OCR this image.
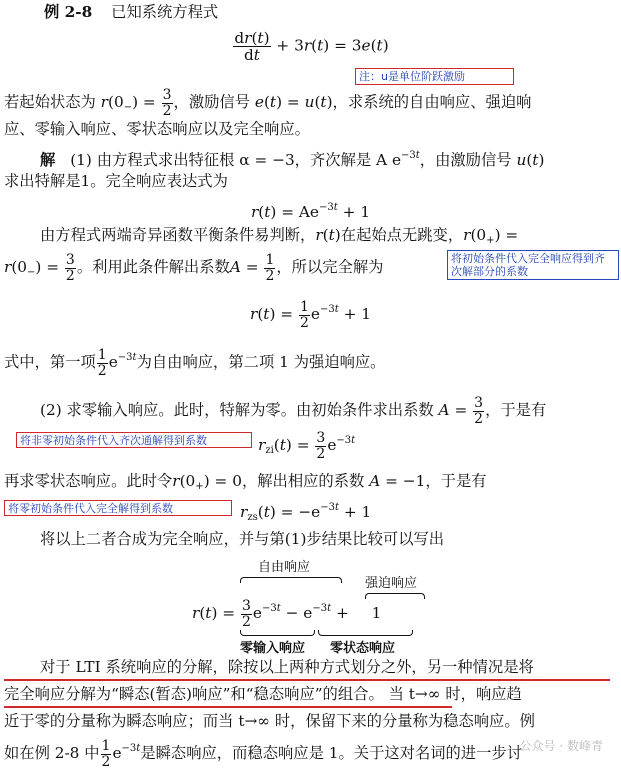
例 2-8 已知系统方程式
$\frac{dr(t)}{dt} + 3r(t) = 3e(t)$
注：u是单位阶跃激励
若起始状态为 $r(0_-) = \frac{3}{2}$ ，激励信号 e(t) = u(t)，求系统的自由响应、强迫响
应、零输入响应、零状态响应以及完全响应。
解 (1) 由方程式求出特征根 α = −3，齐次解是 A $e^{-3t}$，由激励信号 u(t)
求出特解是1。完全响应表达式为
$r(t) = Ae^{-3t} + 1$
由方程式两端奇异函数平衡条件易判断，r(t)在起始点无跳变，$r(0_+)$ =
$r(0_-) = \frac{3}{2}$ 。利用此条件解出系数$A = \frac{1}{2}$ ，所以完全解为	将初始条件代入完全响应得到齐次解部分的系数
$r(t) = \frac{1}{2} e^{-3t} + 1$
式中，第一项 $\frac{1}{2} e^{-3t}$为自由响应，第二项 1 为强迫响应。
(2) 求零输入响应。此时，特解为零。由初始条件求出系数 $A = \frac{3}{2}$ ，于是有
将非零初始条件代入齐次通解得到系数	$r_{zi}(t) = \frac{3}{2} e^{-3t}$
再求零状态响应。此时令$r(0_+) = 0$，解出相应的系数 A = −1，于是有
将零初始条件代入完全解得到系数	$r_{zs}(t) = -e^{-3t} + 1$
将以上二者合成为完全响应，并与第(1)步结果比较可以写出
自由响应
强迫响应
$r(t) = \frac{3}{2} e^{-3t} - e^{-3t} + 1$
零输入响应 零状态响应
对于 LTI 系统响应的分解，除按以上两种方式划分之外，另一种情况是将
完全响应分解为“瞬态(暂态)响应”和“稳态响应”的组合。 当 t→∞ 时，响应趋
近于零的分量称为瞬态响应；而当 t→∞ 时，保留下来的分量称为稳态响应。例
如在例 2-8 中 $\frac{1}{2} e^{-3t}$是瞬态响应，而稳态响应是 1。关于这对名词的进一步讨
公众号 · 数峰青
